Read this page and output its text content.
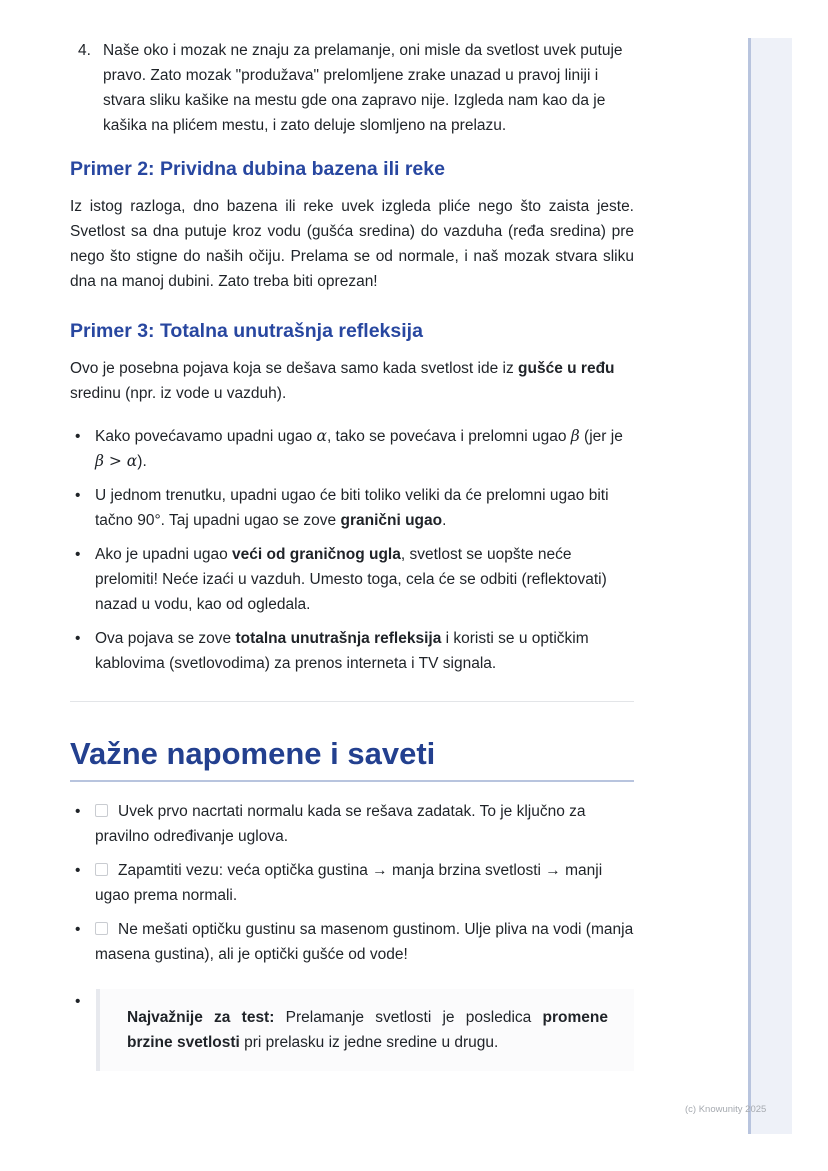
4. Naše oko i mozak ne znaju za prelamanje, oni misle da svetlost uvek putuje pravo. Zato mozak "produžava" prelomljene zrake unazad u pravoj liniji i stvara sliku kašike na mestu gde ona zapravo nije. Izgleda nam kao da je kašika na plićem mestu, i zato deluje slomljeno na prelazu.
Primer 2: Prividna dubina bazena ili reke

Iz istog razloga, dno bazena ili reke uvek izgleda pliće nego što zaista jeste. Svetlost sa dna putuje kroz vodu (gušća sredina) do vazduha (ređa sredina) pre nego što stigne do naših očiju. Prelama se od normale, i naš mozak stvara sliku dna na manoj dubini. Zato treba biti oprezan!

Primer 3: Totalna unutrašnja refleksija

Ovo je posebna pojava koja se dešava samo kada svetlost ide iz gušće u ređu sredinu (npr. iz vode u vazduh).

• Kako povećavamo upadni ugao α, tako se povećava i prelomni ugao β (jer je β > α).
• U jednom trenutku, upadni ugao će biti toliko veliki da će prelomni ugao biti tačno 90°. Taj upadni ugao se zove granični ugao.
• Ako je upadni ugao veći od graničnog ugla, svetlost se uopšte neće prelomiti! Neće izaći u vazduh. Umesto toga, cela će se odbiti (reflektovati) nazad u vodu, kao od ogledala.
• Ova pojava se zove totalna unutrašnja refleksija i koristi se u optičkim kablovima (svetlovodima) za prenos interneta i TV signala.
Važne napomene i saveti
• Uvek prvo nacrtati normalu kada se rešava zadatak. To je ključno za pravilno određivanje uglova.
• Zapamtiti vezu: veća optička gustina → manja brzina svetlosti → manji ugao prema normali.
• Ne mešati optičku gustinu sa masenom gustinom. Ulje pliva na vodi (manja masena gustina), ali je optički gušće od vode!
• Najvažnije za test: Prelamanje svetlosti je posledica promene brzine svetlosti pri prelasku iz jedne sredine u drugu.
(c) Knowunity 2025
